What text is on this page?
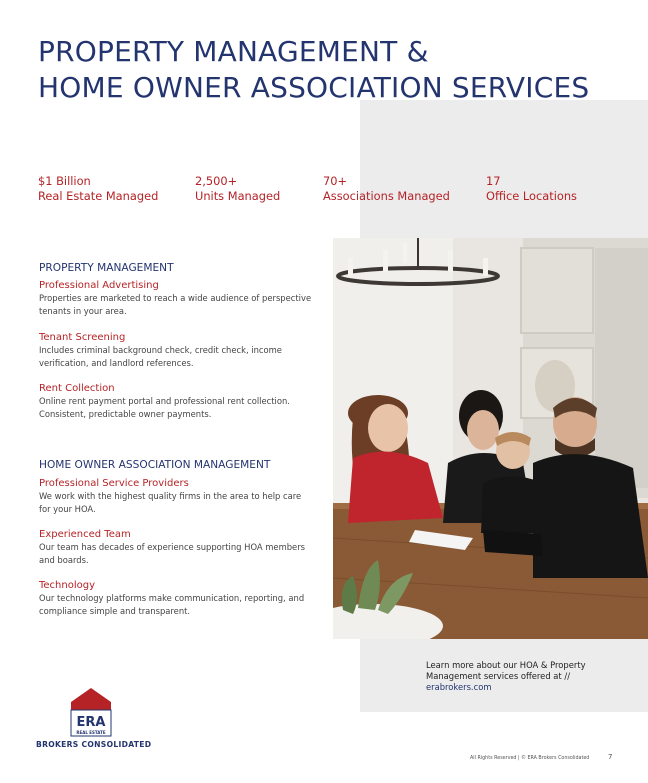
PROPERTY MANAGEMENT &
HOME OWNER ASSOCIATION SERVICES
$1 Billion
Real Estate Managed
2,500+
Units Managed
70+
Associations Managed
17
Office Locations
PROPERTY MANAGEMENT
Professional Advertising
Properties are marketed to reach a wide audience of perspective tenants in your area.
Tenant Screening
Includes criminal background check, credit check, income verification, and landlord references.
Rent Collection
Online rent payment portal and professional rent collection. Consistent, predictable owner payments.
HOME OWNER ASSOCIATION MANAGEMENT
Professional Service Providers
We work with the highest quality firms in the area to help care for your HOA.
Experienced Team
Our team has decades of experience supporting HOA members and boards.
Technology
Our technology platforms make communication, reporting, and compliance simple and transparent.
Learn more about our HOA & Property Management services offered at //
erabrokers.com
ERA
REAL ESTATE
BROKERS CONSOLIDATED
All Rights Reserved | © ERA Brokers Consolidated	7
